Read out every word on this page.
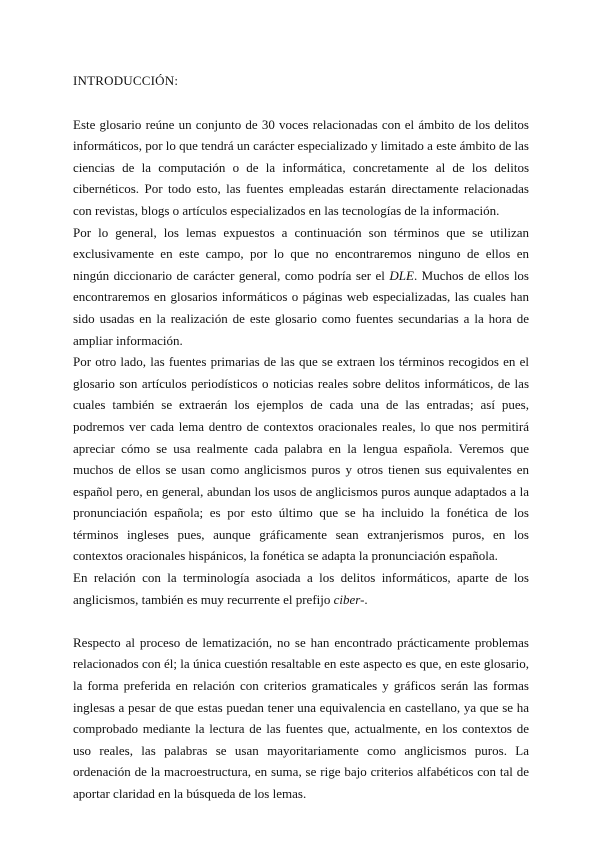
INTRODUCCIÓN:

Este glosario reúne un conjunto de 30 voces relacionadas con el ámbito de los delitos informáticos, por lo que tendrá un carácter especializado y limitado a este ámbito de las ciencias de la computación o de la informática, concretamente al de los delitos cibernéticos. Por todo esto, las fuentes empleadas estarán directamente relacionadas con revistas, blogs o artículos especializados en las tecnologías de la información.

Por lo general, los lemas expuestos a continuación son términos que se utilizan exclusivamente en este campo, por lo que no encontraremos ninguno de ellos en ningún diccionario de carácter general, como podría ser el DLE. Muchos de ellos los encontraremos en glosarios informáticos o páginas web especializadas, las cuales han sido usadas en la realización de este glosario como fuentes secundarias a la hora de ampliar información.

Por otro lado, las fuentes primarias de las que se extraen los términos recogidos en el glosario son artículos periodísticos o noticias reales sobre delitos informáticos, de las cuales también se extraerán los ejemplos de cada una de las entradas; así pues, podremos ver cada lema dentro de contextos oracionales reales, lo que nos permitirá apreciar cómo se usa realmente cada palabra en la lengua española. Veremos que muchos de ellos se usan como anglicismos puros y otros tienen sus equivalentes en español pero, en general, abundan los usos de anglicismos puros aunque adaptados a la pronunciación española; es por esto último que se ha incluido la fonética de los términos ingleses pues, aunque gráficamente sean extranjerismos puros, en los contextos oracionales hispánicos, la fonética se adapta la pronunciación española.

En relación con la terminología asociada a los delitos informáticos, aparte de los anglicismos, también es muy recurrente el prefijo ciber-.

Respecto al proceso de lematización, no se han encontrado prácticamente problemas relacionados con él; la única cuestión resaltable en este aspecto es que, en este glosario, la forma preferida en relación con criterios gramaticales y gráficos serán las formas inglesas a pesar de que estas puedan tener una equivalencia en castellano, ya que se ha comprobado mediante la lectura de las fuentes que, actualmente, en los contextos de uso reales, las palabras se usan mayoritariamente como anglicismos puros. La ordenación de la macroestructura, en suma, se rige bajo criterios alfabéticos con tal de aportar claridad en la búsqueda de los lemas.
